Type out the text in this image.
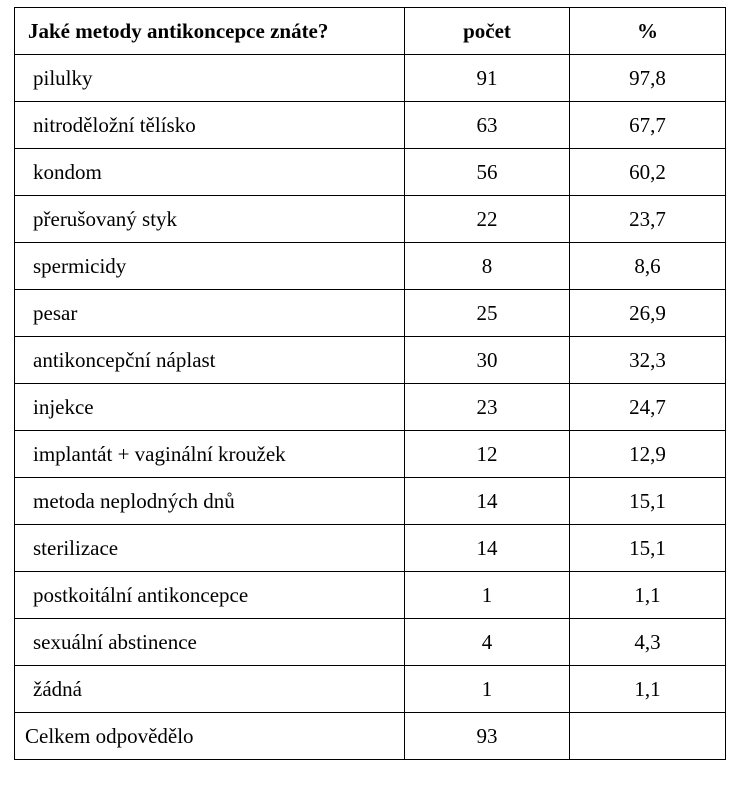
Jaké metody antikoncepce znáte?	počet	%
pilulky	91	97,8
nitroděložní tělísko	63	67,7
kondom	56	60,2
přerušovaný styk	22	23,7
spermicidy	8	8,6
pesar	25	26,9
antikoncepční náplast	30	32,3
injekce	23	24,7
implantát + vaginální kroužek	12	12,9
metoda neplodných dnů	14	15,1
sterilizace	14	15,1
postkoitální antikoncepce	1	1,1
sexuální abstinence	4	4,3
žádná	1	1,1
Celkem odpovědělo	93	
